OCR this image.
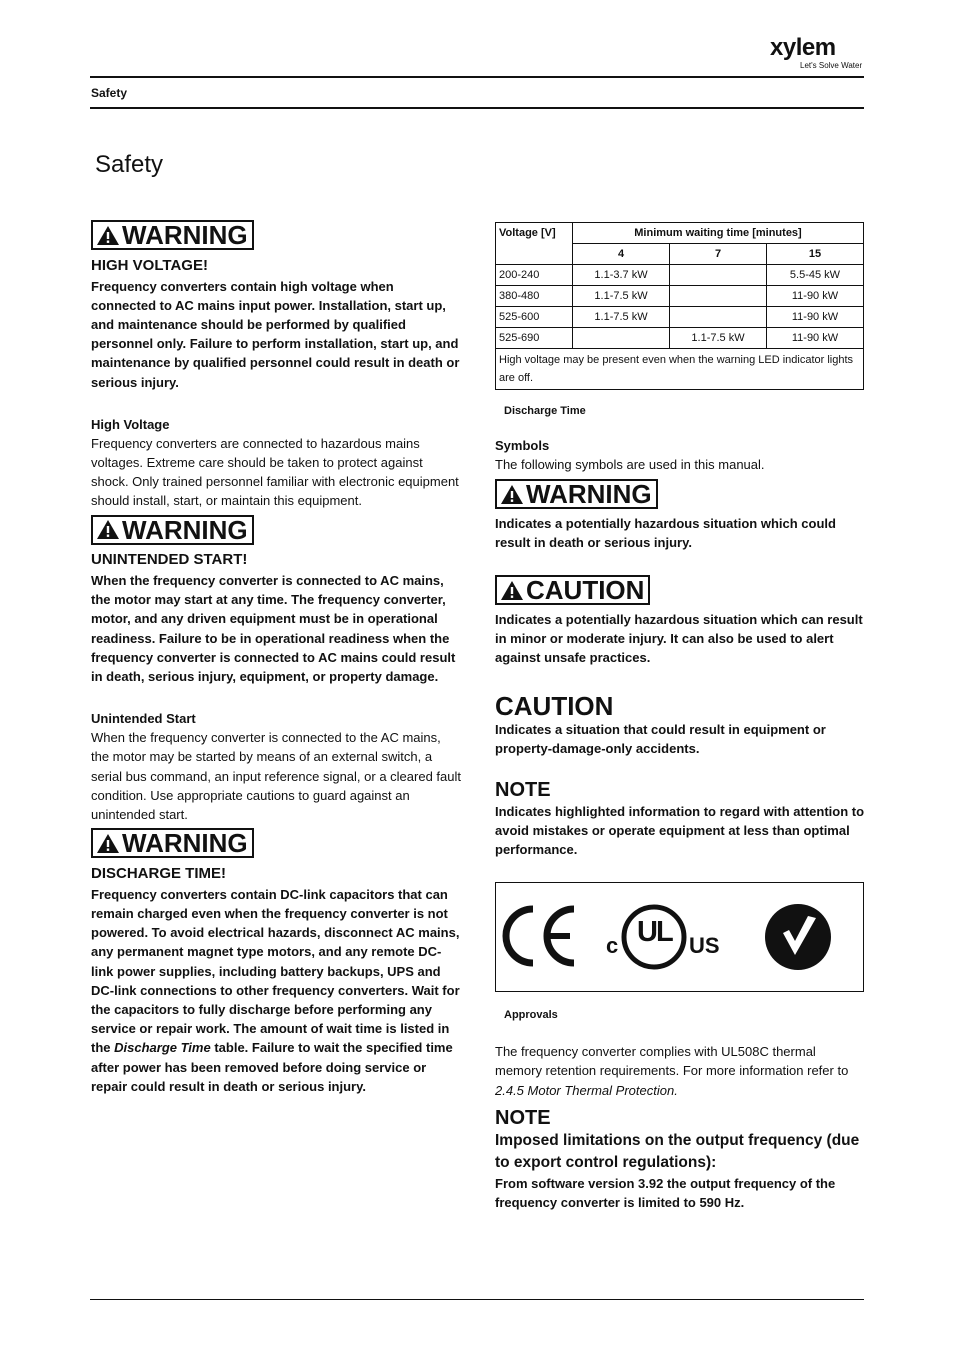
xylem
Let's Solve Water
Safety
Safety
WARNING
HIGH VOLTAGE!
Frequency converters contain high voltage when connected to AC mains input power. Installation, start up, and maintenance should be performed by qualified personnel only. Failure to perform installation, start up, and maintenance by qualified personnel could result in death or serious injury.
High Voltage
Frequency converters are connected to hazardous mains voltages. Extreme care should be taken to protect against shock. Only trained personnel familiar with electronic equipment should install, start, or maintain this equipment.
WARNING
UNINTENDED START!
When the frequency converter is connected to AC mains, the motor may start at any time. The frequency converter, motor, and any driven equipment must be in operational readiness. Failure to be in operational readiness when the frequency converter is connected to AC mains could result in death, serious injury, equipment, or property damage.
Unintended Start
When the frequency converter is connected to the AC mains, the motor may be started by means of an external switch, a serial bus command, an input reference signal, or a cleared fault condition. Use appropriate cautions to guard against an unintended start.
WARNING
DISCHARGE TIME!
Frequency converters contain DC-link capacitors that can remain charged even when the frequency converter is not powered. To avoid electrical hazards, disconnect AC mains, any permanent magnet type motors, and any remote DC-link power supplies, including battery backups, UPS and DC-link connections to other frequency converters. Wait for the capacitors to fully discharge before performing any service or repair work. The amount of wait time is listed in the Discharge Time table. Failure to wait the specified time after power has been removed before doing service or repair could result in death or serious injury.
Voltage [V]	Minimum waiting time [minutes]		
	4	7	15
200-240	1.1-3.7 kW		5.5-45 kW
380-480	1.1-7.5 kW		11-90 kW
525-600	1.1-7.5 kW		11-90 kW
525-690		1.1-7.5 kW	11-90 kW
High voltage may be present even when the warning LED indicator lights are off.			
Discharge Time
Symbols
The following symbols are used in this manual.
WARNING
Indicates a potentially hazardous situation which could result in death or serious injury.
CAUTION
Indicates a potentially hazardous situation which can result in minor or moderate injury. It can also be used to alert against unsafe practices.
CAUTION
Indicates a situation that could result in equipment or property-damage-only accidents.
NOTE
Indicates highlighted information to regard with attention to avoid mistakes or operate equipment at less than optimal performance.
c UL US
Approvals
The frequency converter complies with UL508C thermal memory retention requirements. For more information refer to 2.4.5 Motor Thermal Protection.
NOTE
Imposed limitations on the output frequency (due to export control regulations):
From software version 3.92 the output frequency of the frequency converter is limited to 590 Hz.
